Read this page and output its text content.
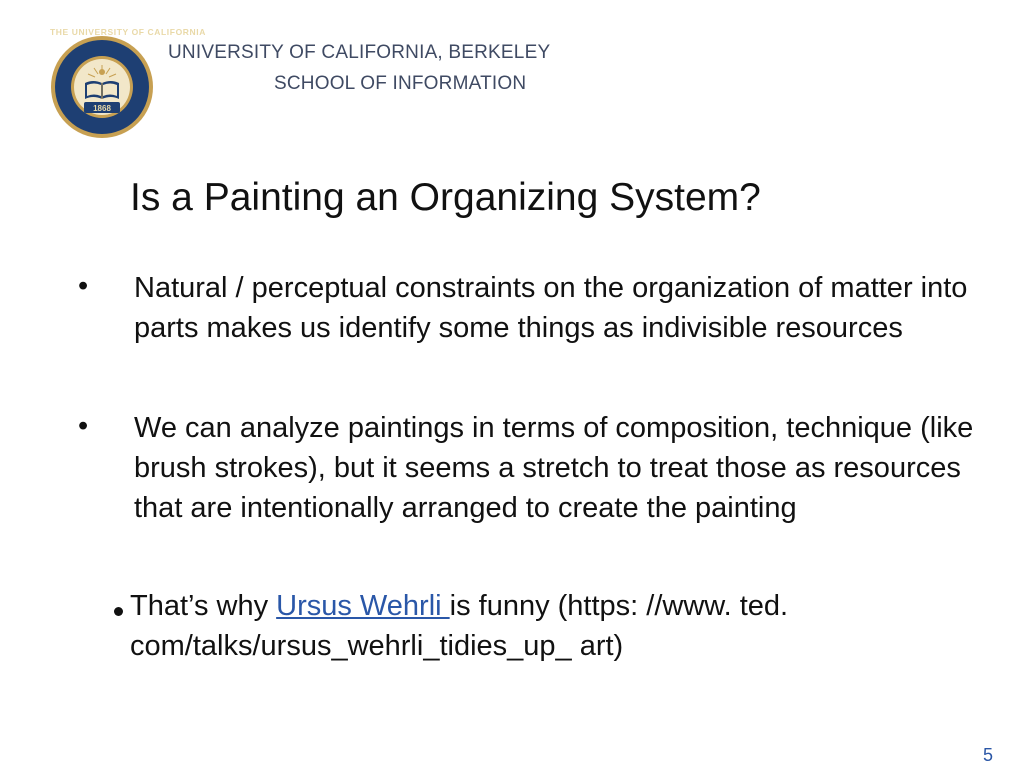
THE UNIVERSITY OF CALIFORNIA
1868
UNIVERSITY OF CALIFORNIA, BERKELEY
SCHOOL OF INFORMATION
Is a Painting an Organizing System?
• Natural / perceptual constraints on the organization of matter into parts makes us identify some things as indivisible resources
• We can analyze paintings in terms of composition, technique (like brush strokes), but it seems a stretch to treat those as resources that are intentionally arranged to create the painting
That’s why Ursus Wehrli is funny (https: //www. ted. com/talks/ursus_wehrli_tidies_up_ art)
5
